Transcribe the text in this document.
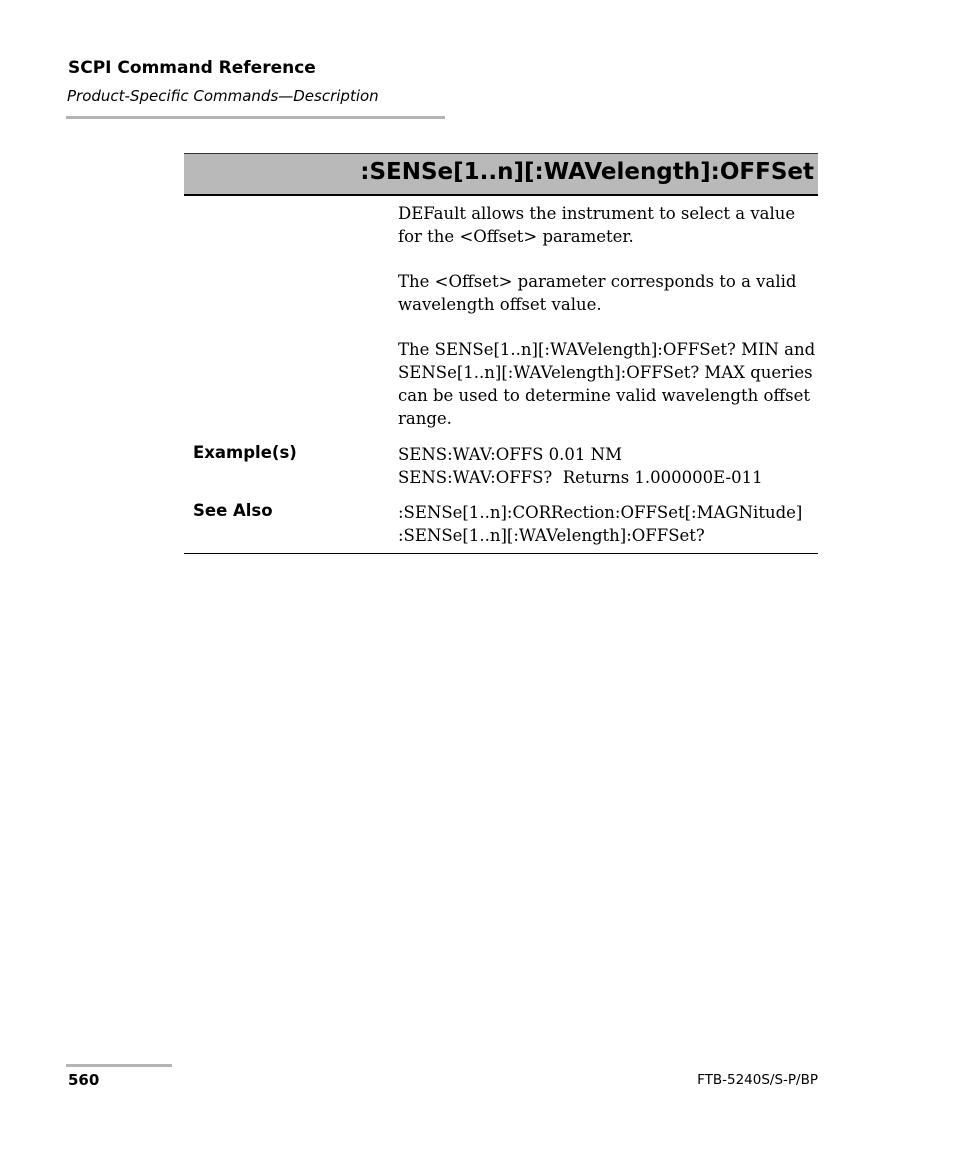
SCPI Command Reference
Product-Specific Commands—Description
:SENSe[1..n][:WAVelength]:OFFSet

DEFault allows the instrument to select a value for the <Offset> parameter.

The <Offset> parameter corresponds to a valid wavelength offset value.

The SENSe[1..n][:WAVelength]:OFFSet? MIN and SENSe[1..n][:WAVelength]:OFFSet? MAX queries can be used to determine valid wavelength offset range.

Example(s)	SENS:WAV:OFFS 0.01 NM
SENS:WAV:OFFS?  Returns 1.000000E-011
See Also	:SENSe[1..n]:CORRection:OFFSet[:MAGNitude]
:SENSe[1..n][:WAVelength]:OFFSet?
560	FTB-5240S/S-P/BP
